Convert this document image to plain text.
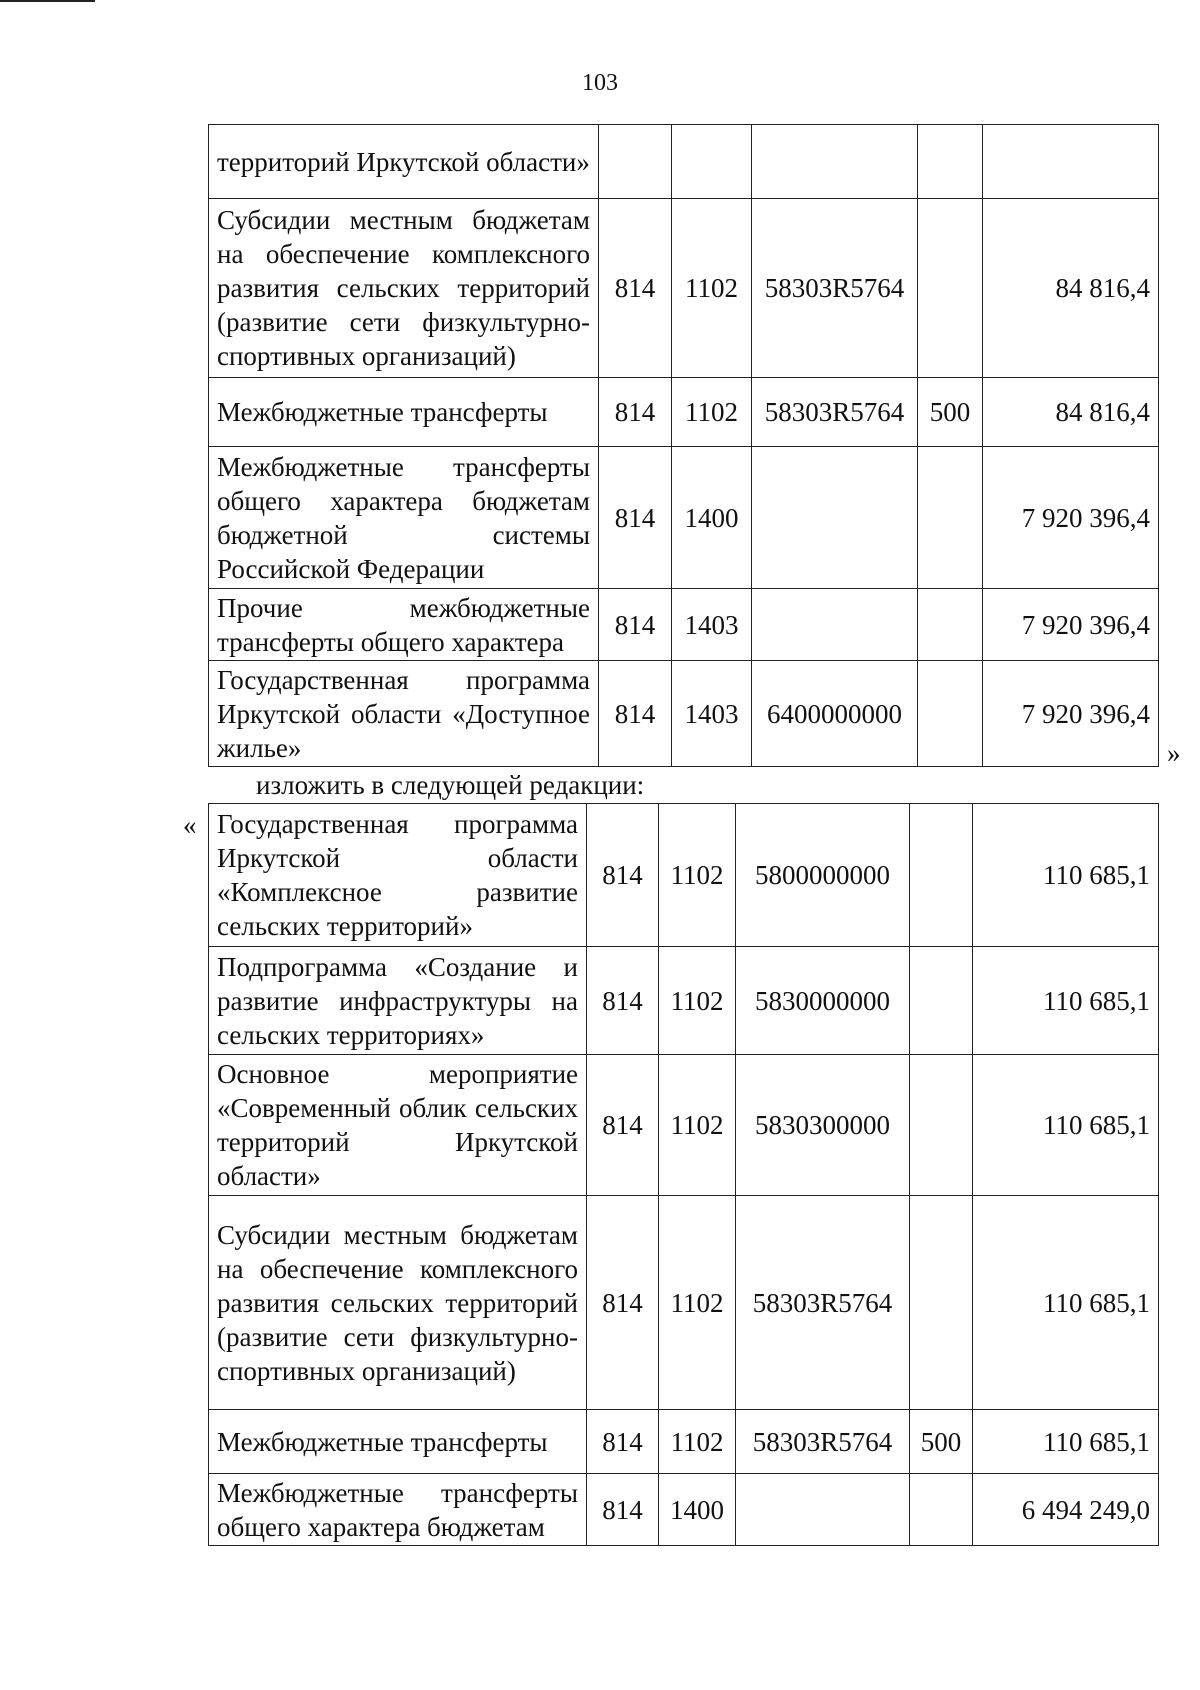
103
территорий Иркутской области»					
Субсидии местным бюджетам на обеспечение комплексного развития сельских территорий (развитие сети физкультурно-спортивных организаций)	814	1102	58303R5764		84 816,4
Межбюджетные трансферты	814	1102	58303R5764	500	84 816,4
Межбюджетные трансферты общего характера бюджетам бюджетной системы Российской Федерации	814	1400			7 920 396,4
Прочие межбюджетные трансферты общего характера	814	1403			7 920 396,4
Государственная программа Иркутской области «Доступное жилье»	814	1403	6400000000		7 920 396,4
»
изложить в следующей редакции:
« Государственная программа Иркутской области «Комплексное развитие сельских территорий»	814	1102	5800000000		110 685,1
Подпрограмма «Создание и развитие инфраструктуры на сельских территориях»	814	1102	5830000000		110 685,1
Основное мероприятие «Современный облик сельских территорий Иркутской области»	814	1102	5830300000		110 685,1
Субсидии местным бюджетам на обеспечение комплексного развития сельских территорий (развитие сети физкультурно-спортивных организаций)	814	1102	58303R5764		110 685,1
Межбюджетные трансферты	814	1102	58303R5764	500	110 685,1
Межбюджетные трансферты общего характера бюджетам	814	1400			6 494 249,0
